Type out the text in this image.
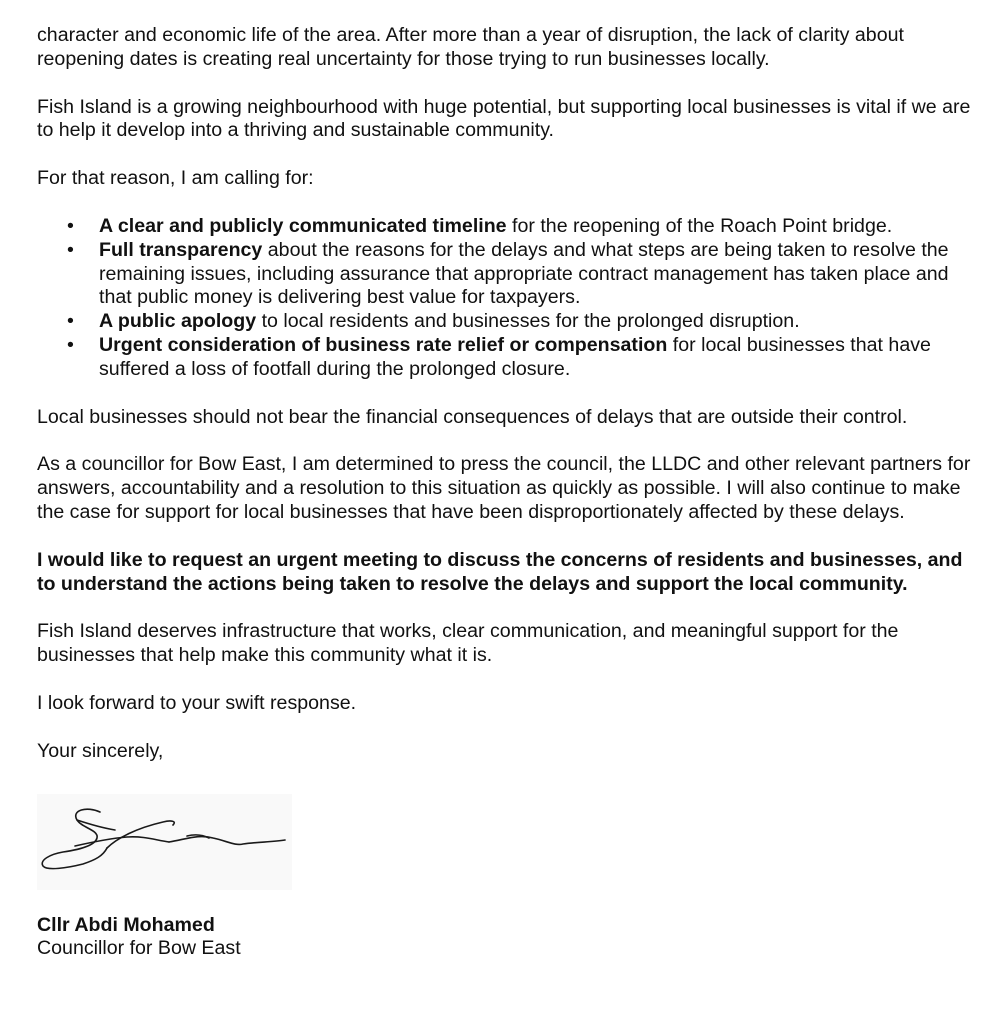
character and economic life of the area. After more than a year of disruption, the lack of clarity about reopening dates is creating real uncertainty for those trying to run businesses locally.

Fish Island is a growing neighbourhood with huge potential, but supporting local businesses is vital if we are to help it develop into a thriving and sustainable community.

For that reason, I am calling for:

• A clear and publicly communicated timeline for the reopening of the Roach Point bridge.
• Full transparency about the reasons for the delays and what steps are being taken to resolve the remaining issues, including assurance that appropriate contract management has taken place and that public money is delivering best value for taxpayers.
• A public apology to local residents and businesses for the prolonged disruption.
• Urgent consideration of business rate relief or compensation for local businesses that have suffered a loss of footfall during the prolonged closure.

Local businesses should not bear the financial consequences of delays that are outside their control.

As a councillor for Bow East, I am determined to press the council, the LLDC and other relevant partners for answers, accountability and a resolution to this situation as quickly as possible. I will also continue to make the case for support for local businesses that have been disproportionately affected by these delays.

I would like to request an urgent meeting to discuss the concerns of residents and businesses, and to understand the actions being taken to resolve the delays and support the local community.

Fish Island deserves infrastructure that works, clear communication, and meaningful support for the businesses that help make this community what it is.

I look forward to your swift response.

Your sincerely,

Cllr Abdi Mohamed

Councillor for Bow East
